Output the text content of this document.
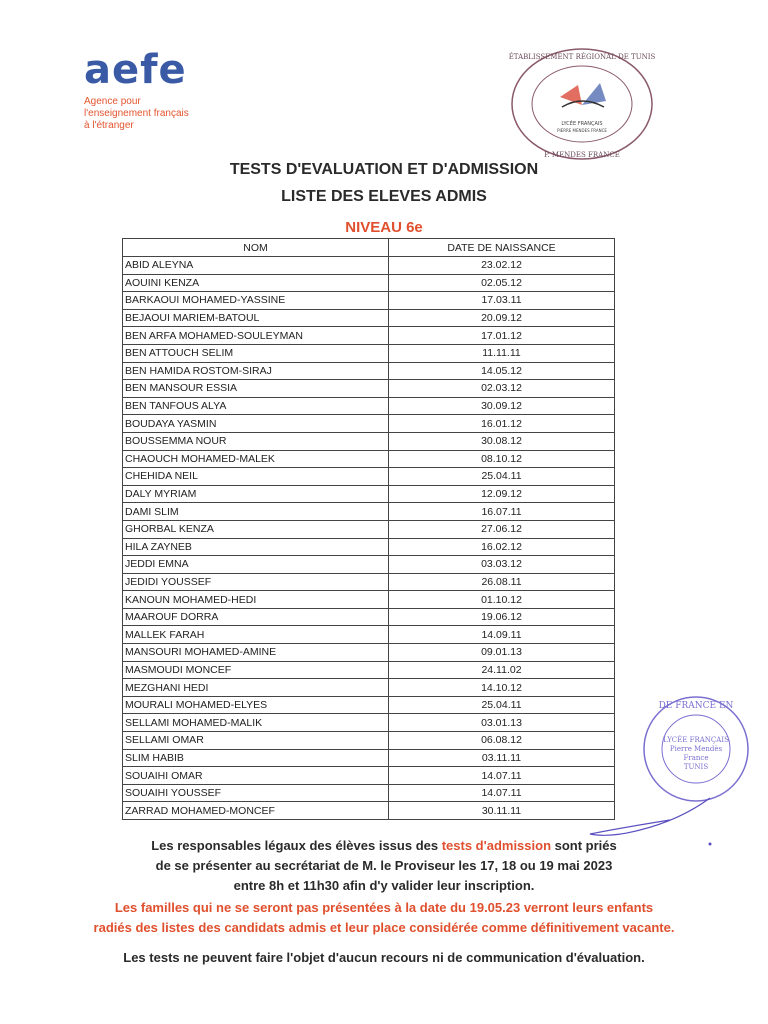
aefe
Agence pour
l'enseignement français
à l'étranger	LYCÉE FRANÇAIS
PIERRE MENDES FRANCE
ÉTABLISSEMENT RÉGIONAL DE TUNIS
P. MENDES FRANCE
TESTS D'EVALUATION ET D'ADMISSION
LISTE DES ELEVES ADMIS
NIVEAU 6e
NOM	DATE DE NAISSANCE
ABID ALEYNA	23.02.12
AOUINI KENZA	02.05.12
BARKAOUI MOHAMED-YASSINE	17.03.11
BEJAOUI MARIEM-BATOUL	20.09.12
BEN ARFA MOHAMED-SOULEYMAN	17.01.12
BEN ATTOUCH SELIM	11.11.11
BEN HAMIDA ROSTOM-SIRAJ	14.05.12
BEN MANSOUR ESSIA	02.03.12
BEN TANFOUS ALYA	30.09.12
BOUDAYA YASMIN	16.01.12
BOUSSEMMA NOUR	30.08.12
CHAOUCH MOHAMED-MALEK	08.10.12
CHEHIDA NEIL	25.04.11
DALY MYRIAM	12.09.12
DAMI SLIM	16.07.11
GHORBAL KENZA	27.06.12
HILA ZAYNEB	16.02.12
JEDDI EMNA	03.03.12
JEDIDI YOUSSEF	26.08.11
KANOUN MOHAMED-HEDI	01.10.12
MAAROUF DORRA	19.06.12
MALLEK FARAH	14.09.11
MANSOURI MOHAMED-AMINE	09.01.13
MASMOUDI MONCEF	24.11.02
MEZGHANI HEDI	14.10.12
MOURALI MOHAMED-ELYES	25.04.11
SELLAMI MOHAMED-MALIK	03.01.13
SELLAMI OMAR	06.08.12
SLIM HABIB	03.11.11
SOUAIHI OMAR	14.07.11
SOUAIHI YOUSSEF	14.07.11
ZARRAD MOHAMED-MONCEF	30.11.11
Les responsables légaux des élèves issus des tests d'admission sont priés
de se présenter au secrétariat de M. le Proviseur les 17, 18 ou 19 mai 2023
entre 8h et 11h30 afin d'y valider leur inscription.
Les familles qui ne se seront pas présentées à la date du 19.05.23 verront leurs enfants
radiés des listes des candidats admis et leur place considérée comme définitivement vacante.
Les tests ne peuvent faire l'objet d'aucun recours ni de communication d'évaluation.
DE FRANCE EN
LYCÉE FRANÇAIS
Pierre Mendès
France
TUNIS
